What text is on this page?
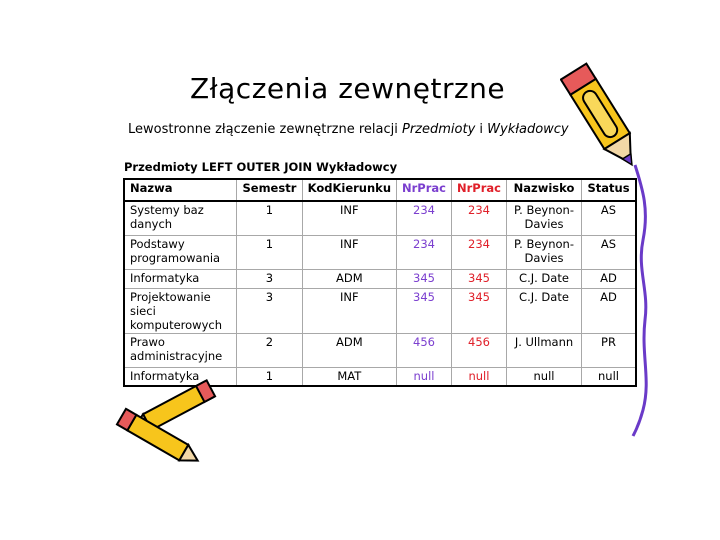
Złączenia zewnętrzne
Lewostronne złączenie zewnętrzne relacji Przedmioty i Wykładowcy
Przedmioty LEFT OUTER JOIN Wykładowcy
Nazwa	Semestr	KodKierunku	NrPrac	NrPrac	Nazwisko	Status
Systemy baz danych	1	INF	234	234	P. Beynon-Davies	AS
Podstawy programowania	1	INF	234	234	P. Beynon-Davies	AS
Informatyka	3	ADM	345	345	C.J. Date	AD
Projektowanie sieci komputerowych	3	INF	345	345	C.J. Date	AD
Prawo administracyjne	2	ADM	456	456	J. Ullmann	PR
Informatyka	1	MAT	null	null	null	null
